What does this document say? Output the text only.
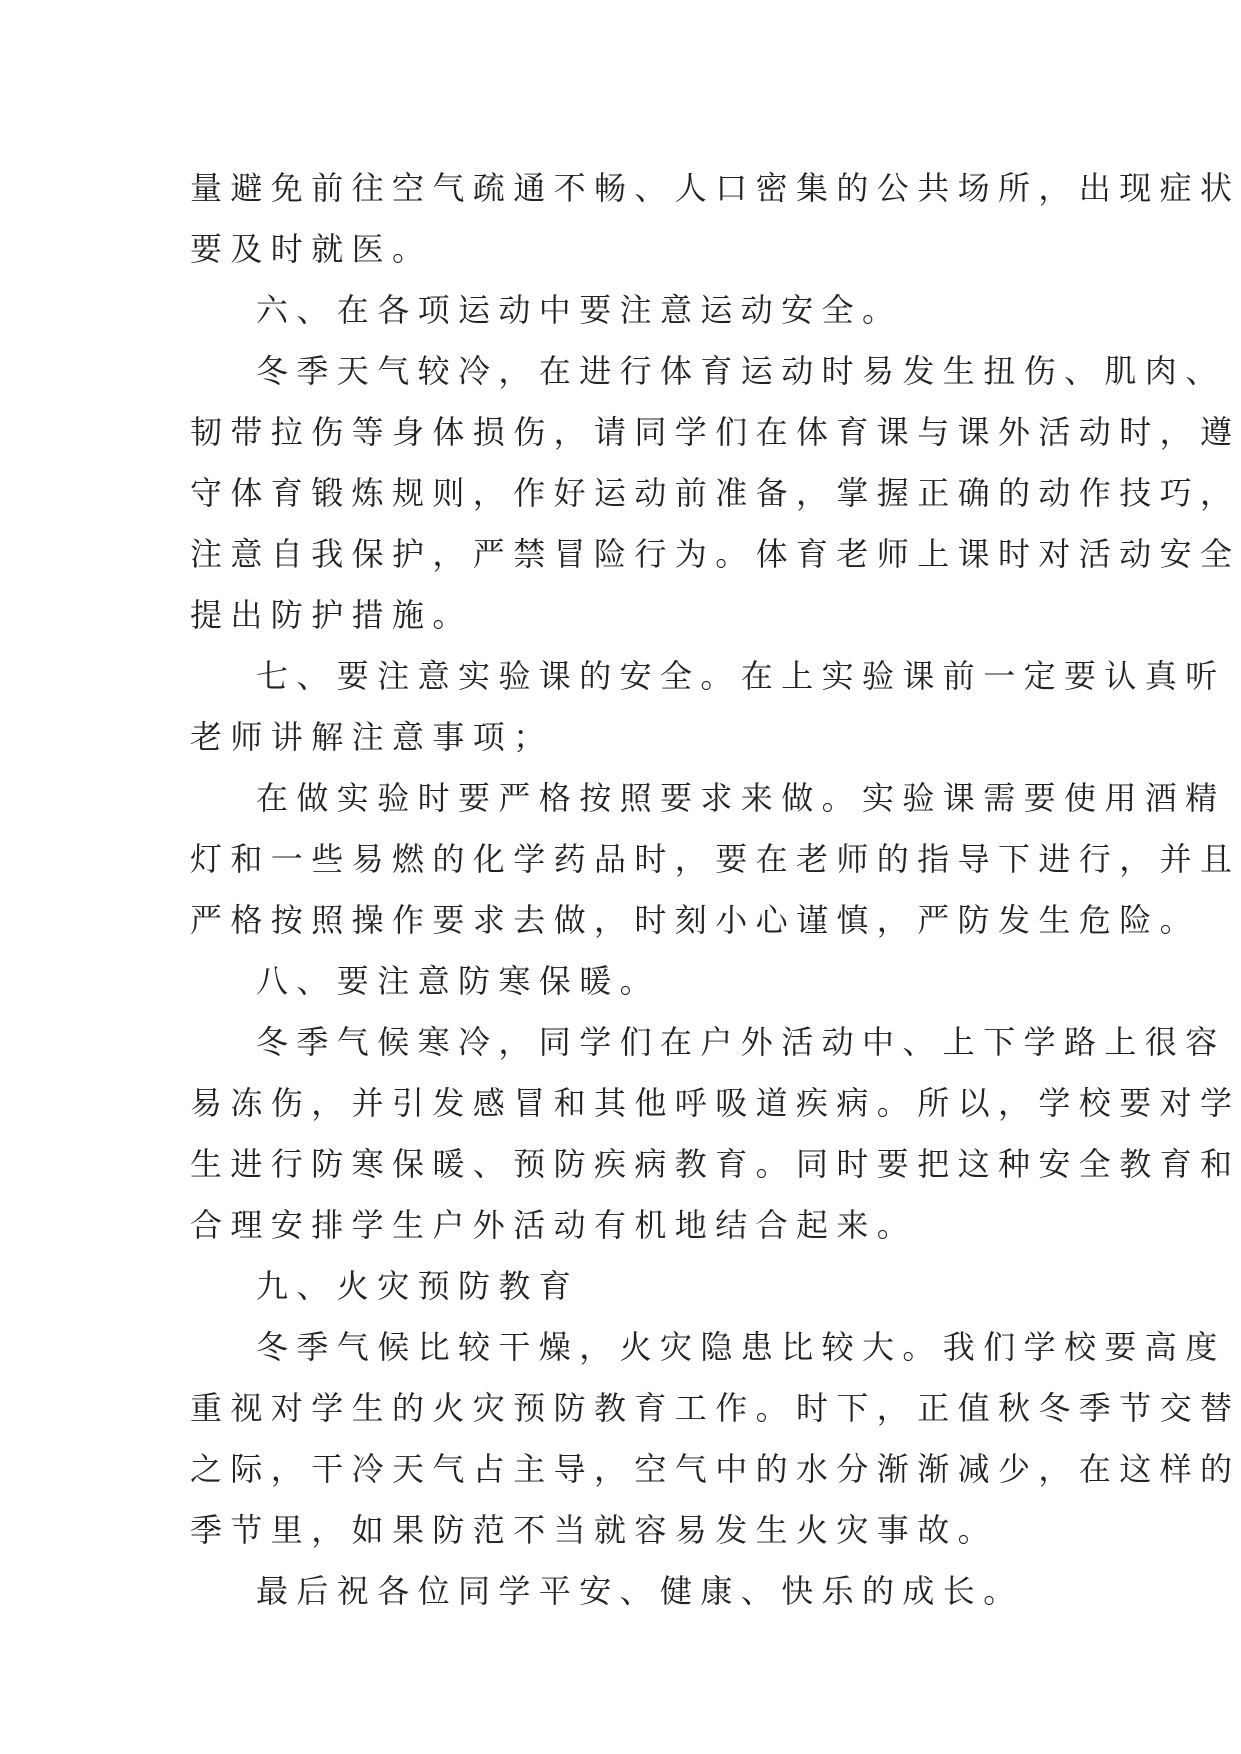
量避免前往空气疏通不畅、人口密集的公共场所，出现症状
要及时就医。
六、在各项运动中要注意运动安全。
冬季天气较冷，在进行体育运动时易发生扭伤、肌肉、
韧带拉伤等身体损伤，请同学们在体育课与课外活动时，遵
守体育锻炼规则，作好运动前准备，掌握正确的动作技巧，
注意自我保护，严禁冒险行为。体育老师上课时对活动安全
提出防护措施。
七、要注意实验课的安全。在上实验课前一定要认真听
老师讲解注意事项；
在做实验时要严格按照要求来做。实验课需要使用酒精
灯和一些易燃的化学药品时，要在老师的指导下进行，并且
严格按照操作要求去做，时刻小心谨慎，严防发生危险。
八、要注意防寒保暖。
冬季气候寒冷，同学们在户外活动中、上下学路上很容
易冻伤，并引发感冒和其他呼吸道疾病。所以，学校要对学
生进行防寒保暖、预防疾病教育。同时要把这种安全教育和
合理安排学生户外活动有机地结合起来。
九、火灾预防教育
冬季气候比较干燥，火灾隐患比较大。我们学校要高度
重视对学生的火灾预防教育工作。时下，正值秋冬季节交替
之际，干冷天气占主导，空气中的水分渐渐减少，在这样的
季节里，如果防范不当就容易发生火灾事故。
最后祝各位同学平安、健康、快乐的成长。
